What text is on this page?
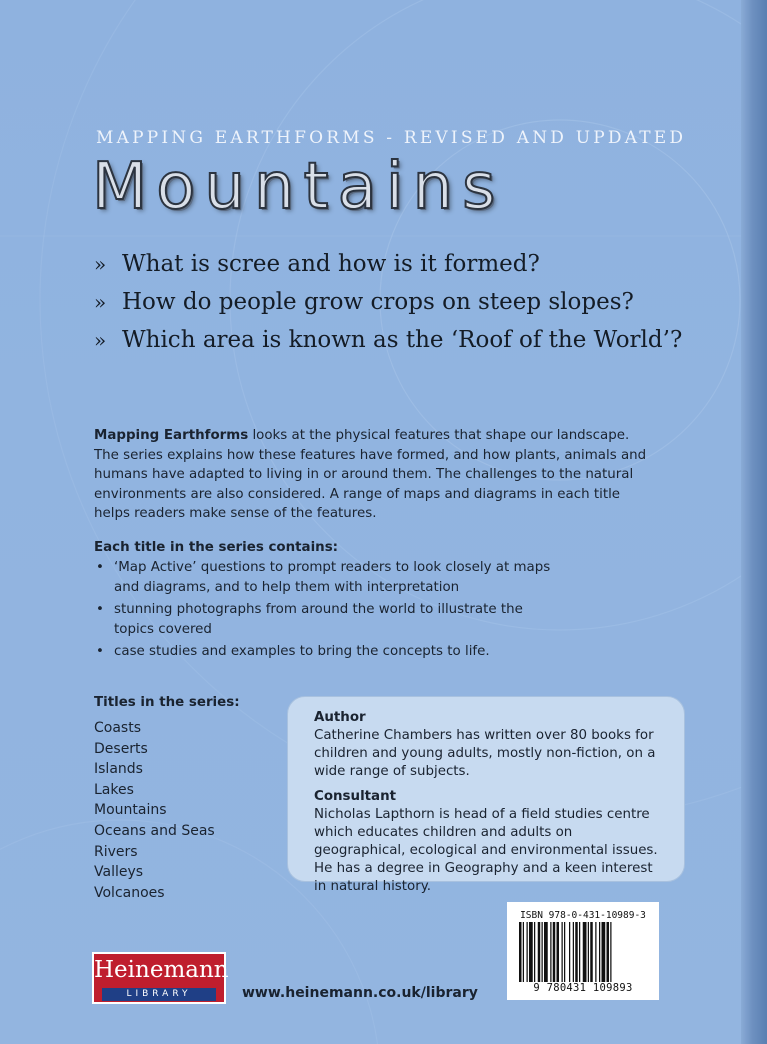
MAPPING EARTHFORMS - REVISED AND UPDATED
Mountains
» What is scree and how is it formed?
» How do people grow crops on steep slopes?
» Which area is known as the ‘Roof of the World’?

Mapping Earthforms looks at the physical features that shape our landscape. The series explains how these features have formed, and how plants, animals and humans have adapted to living in or around them. The challenges to the natural environments are also considered. A range of maps and diagrams in each title helps readers make sense of the features.

Each title in the series contains:
• ‘Map Active’ questions to prompt readers to look closely at maps and diagrams, and to help them with interpretation
• stunning photographs from around the world to illustrate the topics covered
• case studies and examples to bring the concepts to life.
Titles in the series:
Coasts
Deserts
Islands
Lakes
Mountains
Oceans and Seas
Rivers
Valleys
Volcanoes
Author
Catherine Chambers has written over 80 books for children and young adults, mostly non-fiction, on a wide range of subjects.
Consultant
Nicholas Lapthorn is head of a field studies centre which educates children and adults on geographical, ecological and environmental issues. He has a degree in Geography and a keen interest in natural history.
ISBN 978-0-431-10989-3
9 780431 109893
Heinemann
LIBRARY	www.heinemann.co.uk/library
